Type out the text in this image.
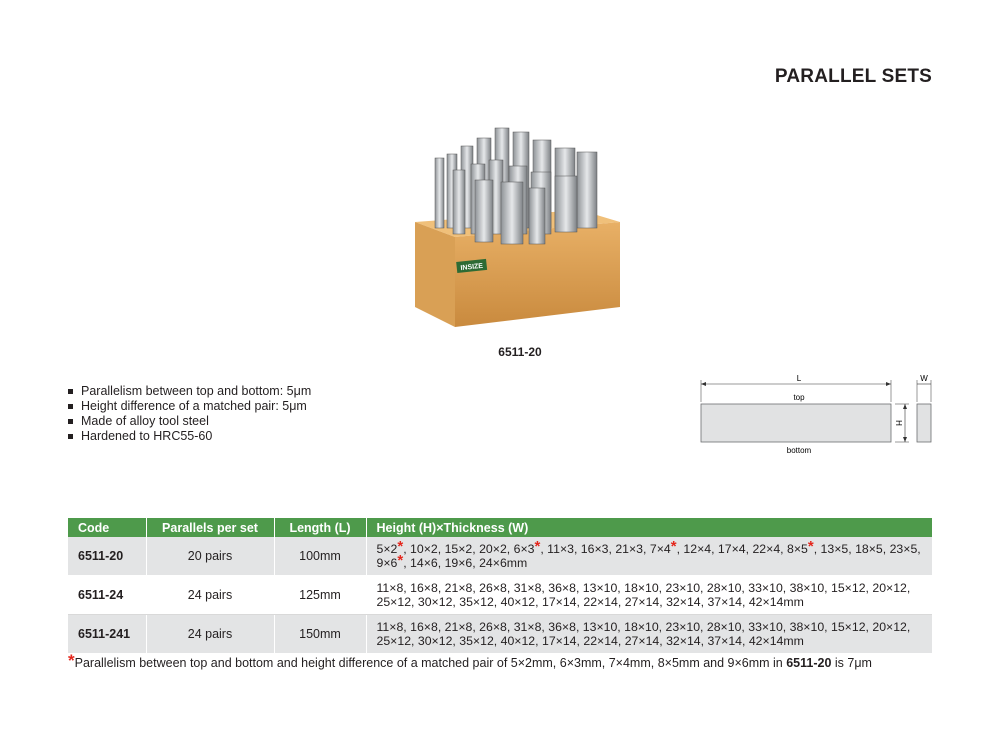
PARALLEL SETS
INSIZE
6511-20
Parallelism between top and bottom: 5μm
Height difference of a matched pair: 5μm
Made of alloy tool steel
Hardened to HRC55-60
L
top
H
bottom
W
Code	Parallels per set	Length (L)	Height (H)×Thickness (W)
6511-20	20 pairs	100mm	5×2*, 10×2, 15×2, 20×2, 6×3*, 11×3, 16×3, 21×3, 7×4*, 12×4, 17×4, 22×4, 8×5*, 13×5, 18×5, 23×5, 9×6*, 14×6, 19×6, 24×6mm
6511-24	24 pairs	125mm	11×8, 16×8, 21×8, 26×8, 31×8, 36×8, 13×10, 18×10, 23×10, 28×10, 33×10, 38×10, 15×12, 20×12, 25×12, 30×12, 35×12, 40×12, 17×14, 22×14, 27×14, 32×14, 37×14, 42×14mm
6511-241	24 pairs	150mm	11×8, 16×8, 21×8, 26×8, 31×8, 36×8, 13×10, 18×10, 23×10, 28×10, 33×10, 38×10, 15×12, 20×12, 25×12, 30×12, 35×12, 40×12, 17×14, 22×14, 27×14, 32×14, 37×14, 42×14mm
*Parallelism between top and bottom and height difference of a matched pair of 5×2mm, 6×3mm, 7×4mm, 8×5mm and 9×6mm in 6511-20 is 7μm
